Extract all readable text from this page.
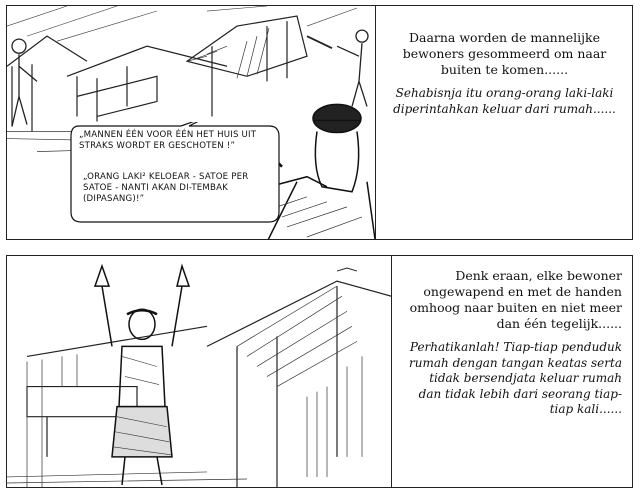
„MANNEN ÉÉN VOOR ÉÉN HET HUIS UIT STRAKS WORDT ER GESCHOTEN !”
„ORANG LAKI² KELOEAR - SATOE PER SATOE - NANTI AKAN DI-TEMBAK (DIPASANG)!”

Daarna worden de mannelijke bewoners gesommeerd om naar buiten te komen......

Sehabisnja itu orang-orang laki-laki diperintahkan keluar dari rumah......

Denk eraan, elke bewoner ongewapend en met de handen omhoog naar buiten en niet meer dan één tegelijk......

Perhatikanlah! Tiap-tiap penduduk rumah dengan tangan keatas serta tidak bersendjata keluar rumah dan tidak lebih dari seorang tiap-tiap kali......
